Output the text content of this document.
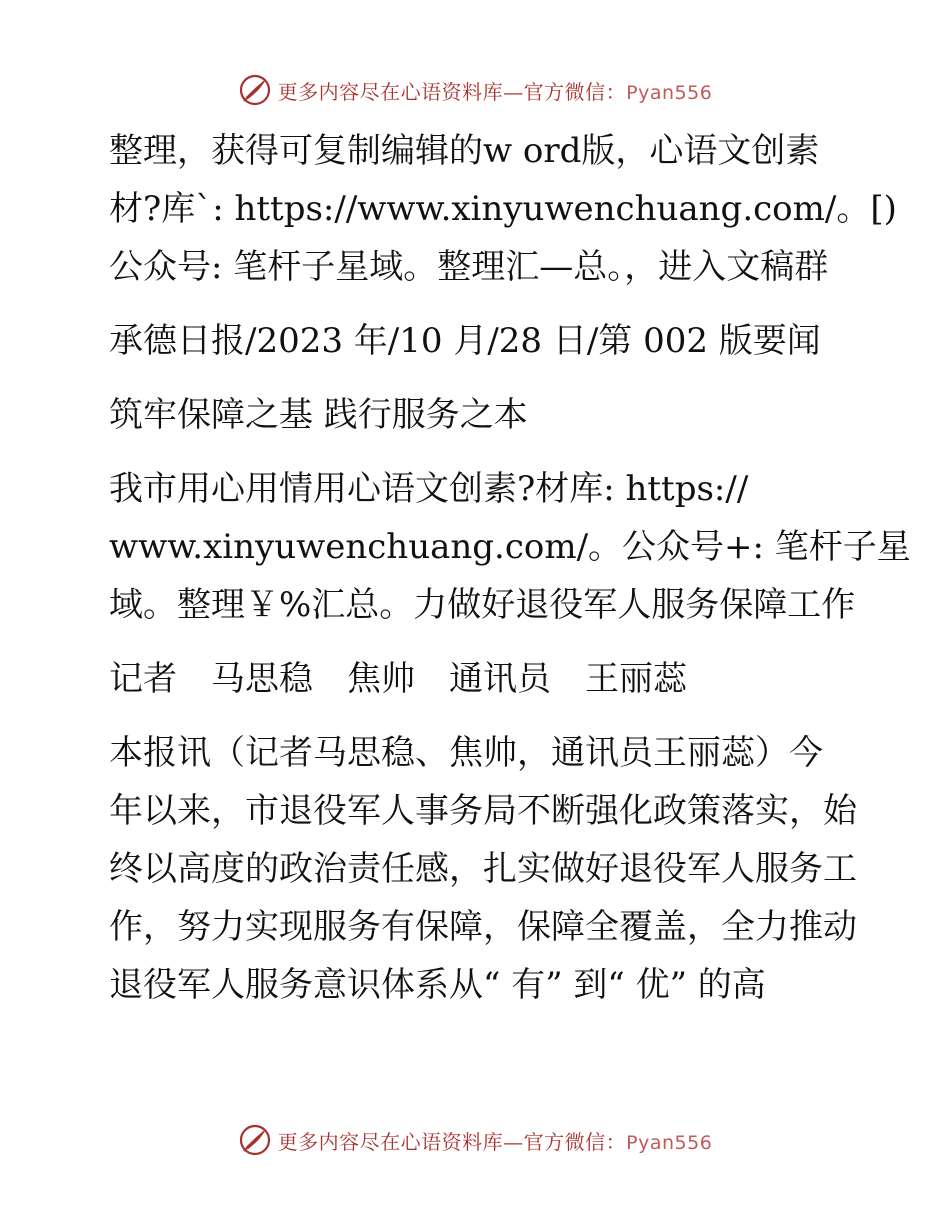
更多内容尽在心语资料库—官方微信：Pyan556
整理，获得可复制编辑的w ord版，心语文创素
材?库`: https://www.xinyuwenchuang.com/。[)
公众号: 笔杆子星域。整理汇—总。，进入文稿群
承德日报/2023 年/10 月/28 日/第 002 版要闻
筑牢保障之基 践行服务之本
我市用心用情用心语文创素?材库: https://
www.xinyuwenchuang.com/。公众号+: 笔杆子星
域。整理￥%汇总。力做好退役军人服务保障工作
记者　马思稳　焦帅　通讯员　王丽蕊
本报讯（记者马思稳、焦帅，通讯员王丽蕊）今
年以来，市退役军人事务局不断强化政策落实，始
终以高度的政治责任感，扎实做好退役军人服务工
作，努力实现服务有保障，保障全覆盖，全力推动
退役军人服务意识体系从“ 有” 到“ 优” 的高
更多内容尽在心语资料库—官方微信：Pyan556
